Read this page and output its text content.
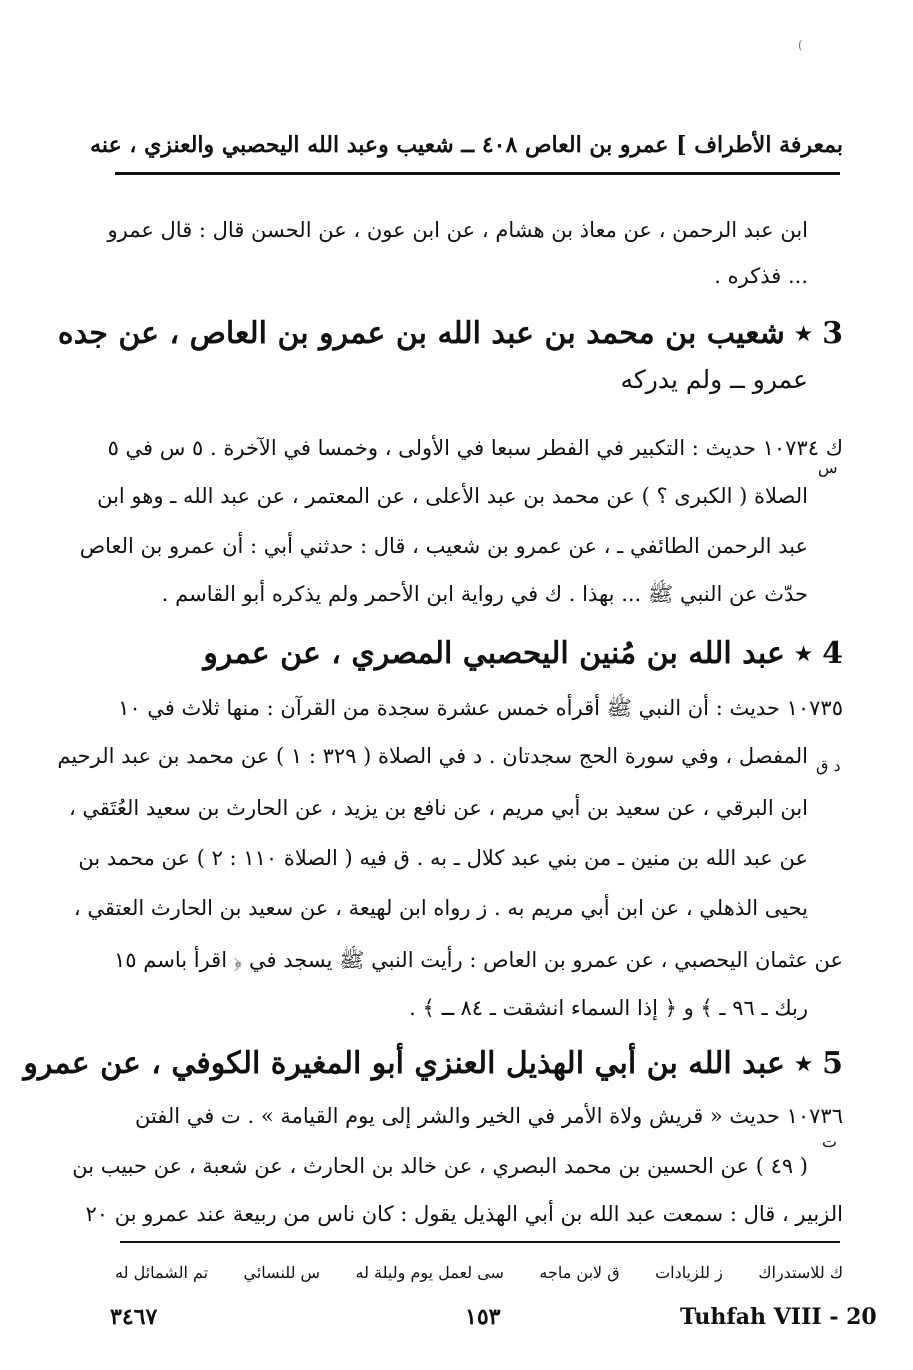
(
بمعرفة الأطراف ] عمرو بن العاص ٤٠٨ ــ شعيب وعبد الله اليحصبي والعنزي ، عنه
ابن عبد الرحمن ، عن معاذ بن هشام ، عن ابن عون ، عن الحسن قال : قال عمرو
... فذكره .
3 ٭ شعيب بن محمد بن عبد الله بن عمرو بن العاص ، عن جده
عمرو ــ ولم يدركه
ك ١٠٧٣٤ حديث : التكبير في الفطر سبعا في الأولى ، وخمسا في الآخرة . ٥ س في ٥
الصلاة ( الكبرى ؟ ) عن محمد بن عبد الأعلى ، عن المعتمر ، عن عبد الله ـ وهو ابن
عبد الرحمن الطائفي ـ ، عن عمرو بن شعيب ، قال : حدثني أبي : أن عمرو بن العاص
حدّث عن النبي ﷺ ... بهذا . ك في رواية ابن الأحمر ولم يذكره أبو القاسم .
4 ٭ عبد الله بن مُنين اليحصبي المصري ، عن عمرو
١٠٧٣٥ حديث : أن النبي ﷺ أقرأه خمس عشرة سجدة من القرآن : منها ثلاث في ١٠
المفصل ، وفي سورة الحج سجدتان . د في الصلاة ( ٣٢٩ : ١ ) عن محمد بن عبد الرحيم
ابن البرقي ، عن سعيد بن أبي مريم ، عن نافع بن يزيد ، عن الحارث بن سعيد العُتَقي ،
عن عبد الله بن منين ـ من بني عبد كلال ـ به . ق فيه ( الصلاة ١١٠ : ٢ ) عن محمد بن
يحيى الذهلي ، عن ابن أبي مريم به . ز رواه ابن لهيعة ، عن سعيد بن الحارث العتقي ،
عن عثمان اليحصبي ، عن عمرو بن العاص : رأيت النبي ﷺ يسجد في ﴿ اقرأ باسم ١٥
ربك ـ ٩٦ ـ ﴾ و ﴿ إذا السماء انشقت ـ ٨٤ ـ ﴾ .
5 ٭ عبد الله بن أبي الهذيل العنزي أبو المغيرة الكوفي ، عن عمرو
١٠٧٣٦ حديث « قريش ولاة الأمر في الخير والشر إلى يوم القيامة » . ت في الفتن
( ٤٩ ) عن الحسين بن محمد البصري ، عن خالد بن الحارث ، عن شعبة ، عن حبيب بن
الزبير ، قال : سمعت عبد الله بن أبي الهذيل يقول : كان ناس من ربيعة عند عمرو بن ٢٠
س
د ق
ت
تم الشمائل له س للنسائي سى لعمل يوم وليلة له ق لابن ماجه ز للزيادات ك للاستدراك
Tuhfah VIII - 20
١٥٣
٣٤٦٧
